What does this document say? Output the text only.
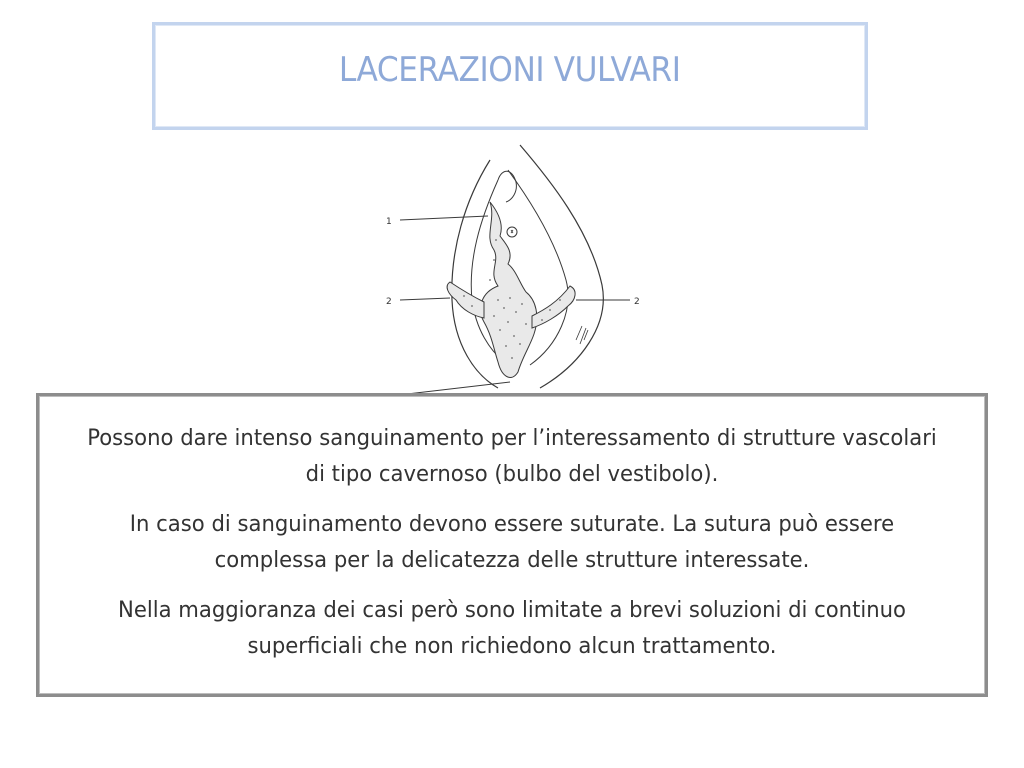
LACERAZIONI VULVARI
1
2	2

Possono dare intenso sanguinamento per l’interessamento di strutture vascolari di tipo cavernoso (bulbo del vestibolo).

In caso di sanguinamento devono essere suturate. La sutura può essere complessa per la delicatezza delle strutture interessate.

Nella maggioranza dei casi però sono limitate a brevi soluzioni di continuo superficiali che non richiedono alcun trattamento.
